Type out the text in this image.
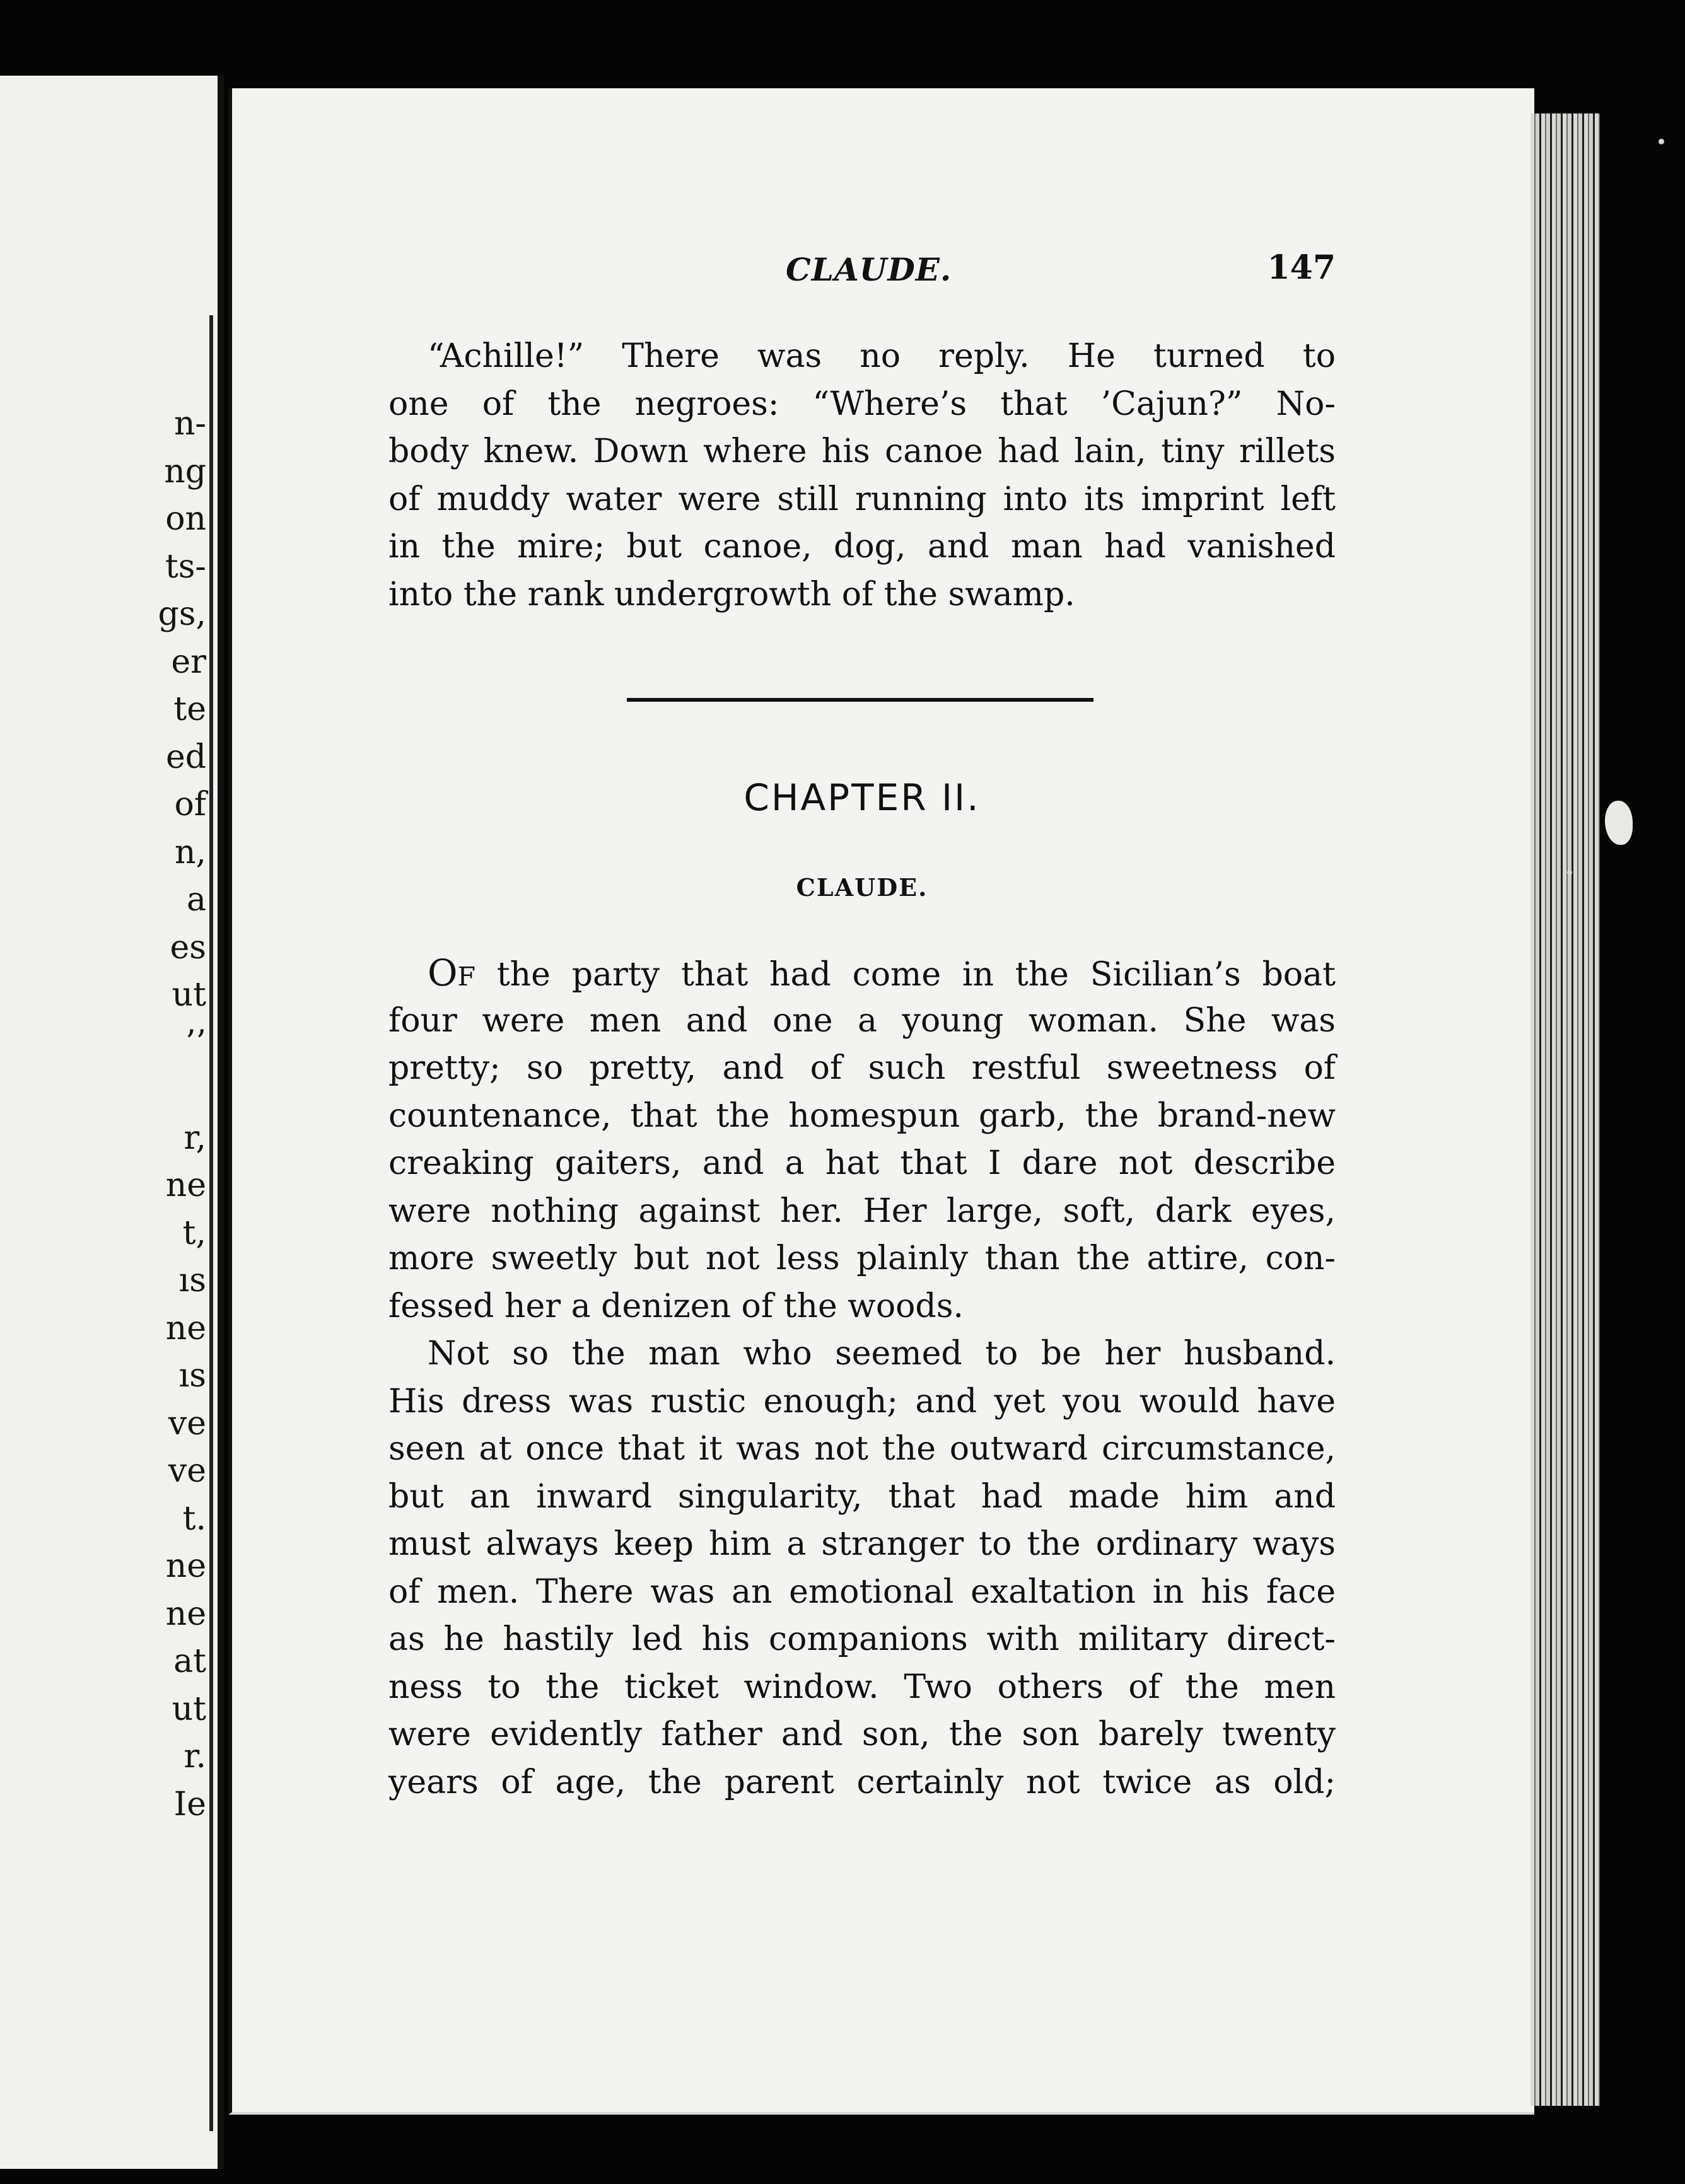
n-
ng
on
ts-
gs,
er
te
ed
of
n,
a
es
ut
’’
r,
ne
t,
ıs
ne
ıs
ve
ve
t.
ne
ne
at
ut
r.
Ie
CLAUDE.	147
“Achille!” There was no reply. He turned to
one of the negroes: “Where’s that ’Cajun?” No-
body knew. Down where his canoe had lain, tiny rillets
of muddy water were still running into its imprint left
in the mire; but canoe, dog, and man had vanished
into the rank undergrowth of the swamp.
CHAPTER II.
CLAUDE.
Of the party that had come in the Sicilian’s boat
four were men and one a young woman. She was
pretty; so pretty, and of such restful sweetness of
countenance, that the homespun garb, the brand-new
creaking gaiters, and a hat that I dare not describe
were nothing against her. Her large, soft, dark eyes,
more sweetly but not less plainly than the attire, con-
fessed her a denizen of the woods.
Not so the man who seemed to be her husband.
His dress was rustic enough; and yet you would have
seen at once that it was not the outward circumstance,
but an inward singularity, that had made him and
must always keep him a stranger to the ordinary ways
of men. There was an emotional exaltation in his face
as he hastily led his companions with military direct-
ness to the ticket window. Two others of the men
were evidently father and son, the son barely twenty
years of age, the parent certainly not twice as old;
